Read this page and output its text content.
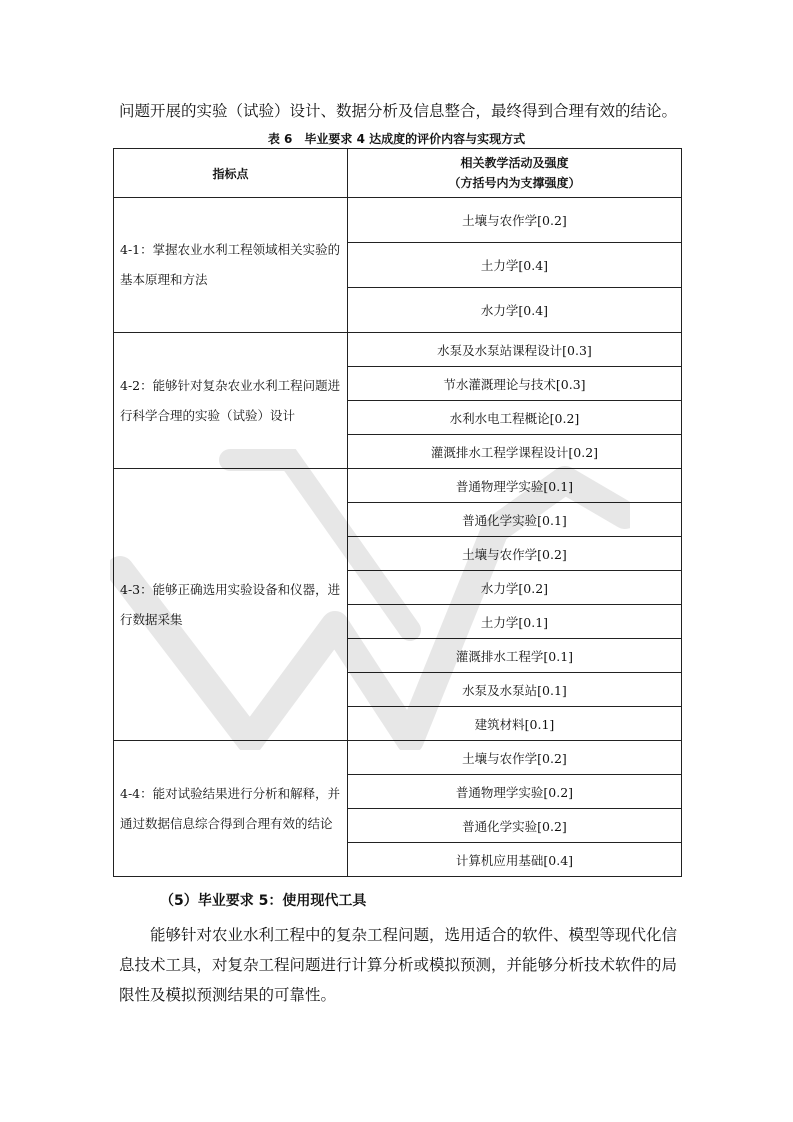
问题开展的实验（试验）设计、数据分析及信息整合，最终得到合理有效的结论。

表 6　毕业要求 4 达成度的评价内容与实现方式
指标点	相关教学活动及强度
（方括号内为支撑强度）

4-1：掌握农业水利工程领域相关实验的基本原理和方法	土壤与农作学[0.2]
	土力学[0.4]
	水力学[0.4]
4-2：能够针对复杂农业水利工程问题进行科学合理的实验（试验）设计	水泵及水泵站课程设计[0.3]
	节水灌溉理论与技术[0.3]
	水利水电工程概论[0.2]
	灌溉排水工程学课程设计[0.2]
4-3：能够正确选用实验设备和仪器，进行数据采集	普通物理学实验[0.1]
	普通化学实验[0.1]
	土壤与农作学[0.2]
	水力学[0.2]
	土力学[0.1]
	灌溉排水工程学[0.1]
	水泵及水泵站[0.1]
	建筑材料[0.1]
4-4：能对试验结果进行分析和解释，并通过数据信息综合得到合理有效的结论	土壤与农作学[0.2]
	普通物理学实验[0.2]
	普通化学实验[0.2]
	计算机应用基础[0.4]
（5）毕业要求 5：使用现代工具

能够针对农业水利工程中的复杂工程问题，选用适合的软件、模型等现代化信息技术工具，对复杂工程问题进行计算分析或模拟预测，并能够分析技术软件的局限性及模拟预测结果的可靠性。
